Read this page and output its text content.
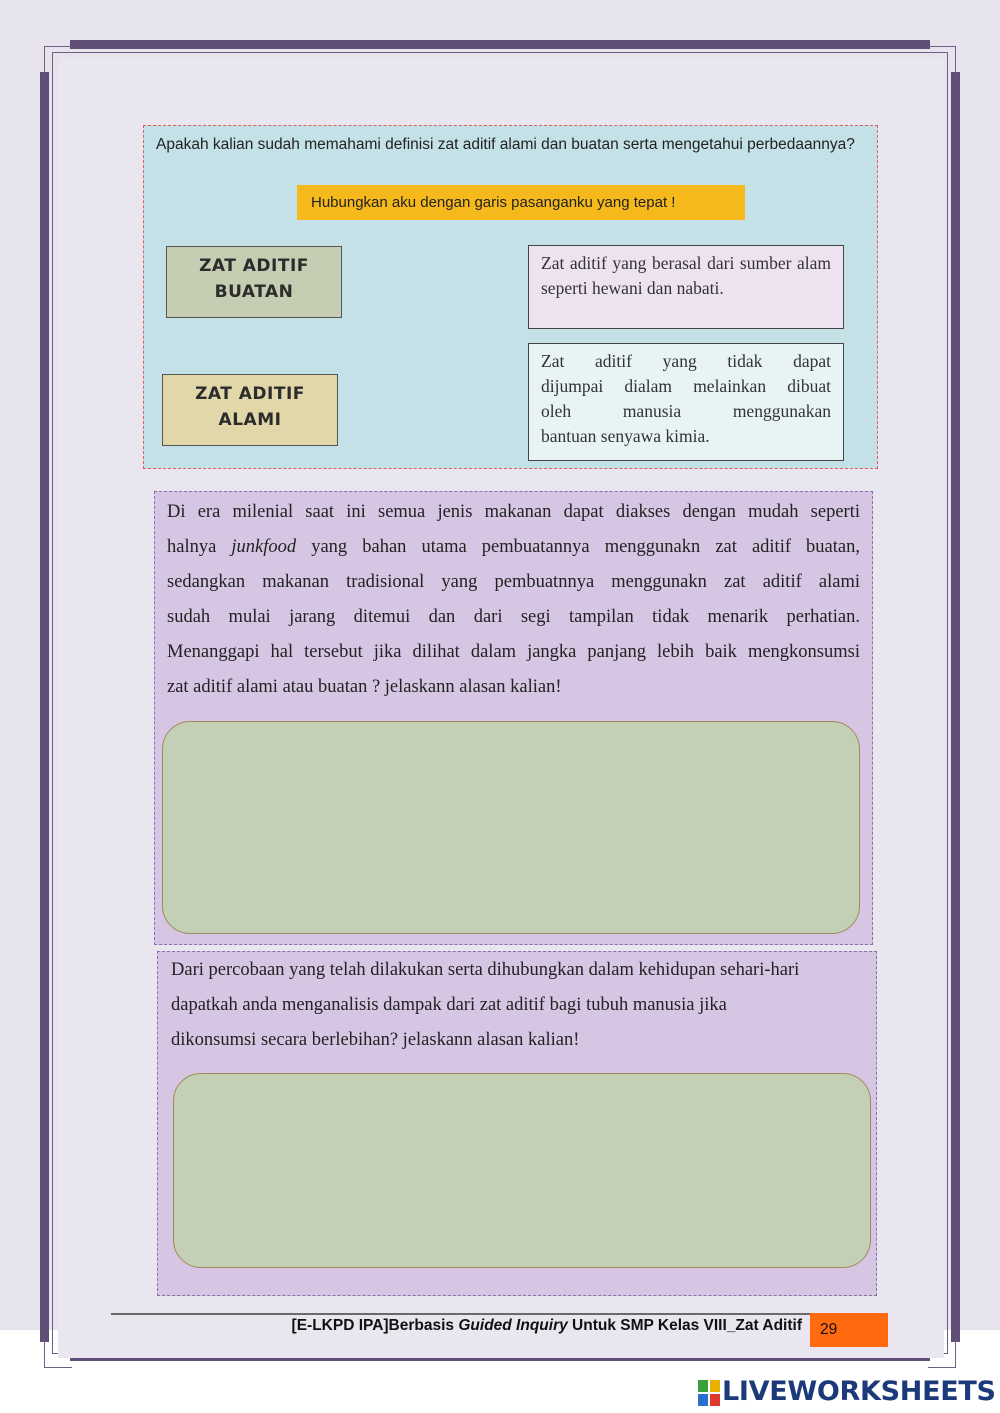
Apakah kalian sudah memahami definisi zat aditif alami dan buatan serta mengetahui perbedaannya?
Hubungkan aku dengan garis pasanganku yang tepat !
ZAT ADITIF
BUATAN
ZAT ADITIF
ALAMI
Zat aditif yang berasal dari sumber alam seperti hewani dan nabati.
Zat aditif yang tidak dapat
dijumpai dialam melainkan dibuat
oleh manusia menggunakan
bantuan senyawa kimia.
Di era milenial saat ini semua jenis makanan dapat diakses dengan mudah seperti
halnya junkfood yang bahan utama pembuatannya menggunakn zat aditif buatan,
sedangkan makanan tradisional yang pembuatnnya menggunakn zat aditif alami
sudah mulai jarang ditemui dan dari segi tampilan tidak menarik perhatian.
Menanggapi hal tersebut jika dilihat dalam jangka panjang lebih baik mengkonsumsi
zat aditif alami atau buatan ? jelaskann alasan kalian!
Dari percobaan yang telah dilakukan serta dihubungkan dalam kehidupan sehari-hari
dapatkah anda menganalisis dampak dari zat aditif bagi tubuh manusia jika
dikonsumsi secara berlebihan? jelaskann alasan kalian!
[E-LKPD IPA]Berbasis Guided Inquiry Untuk SMP Kelas VIII_Zat Aditif	29
LIVEWORKSHEETS
